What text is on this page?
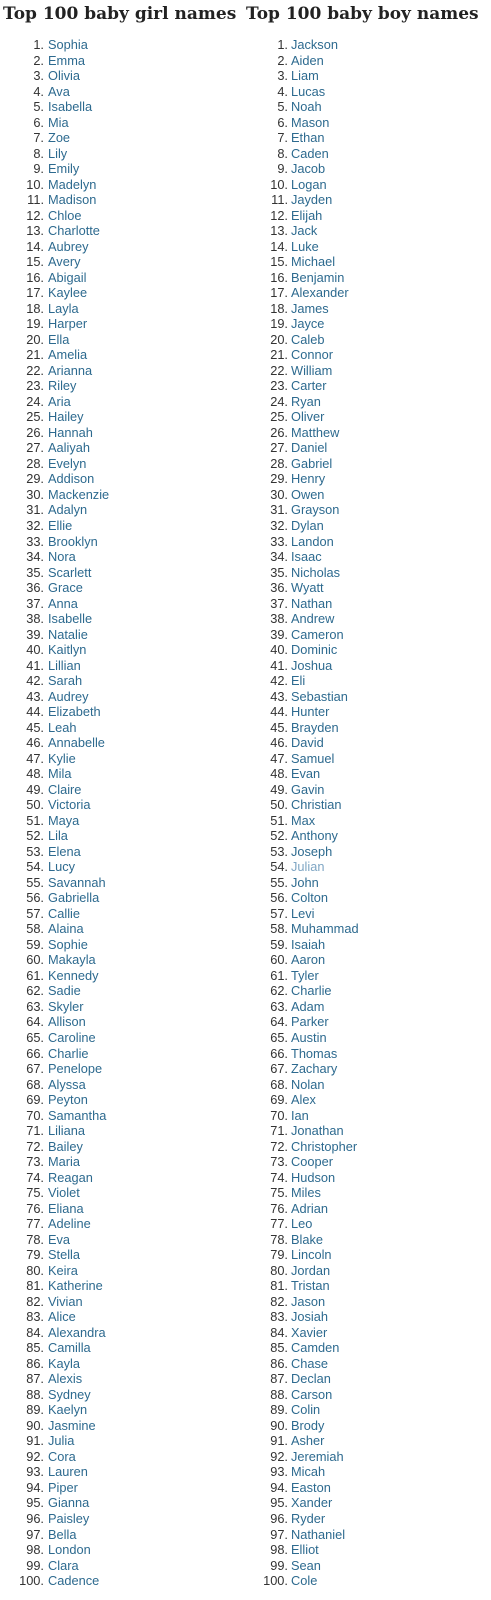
Top 100 baby girl names Top 100 baby boy names
1. Sophia
2. Emma
3. Olivia
4. Ava
5. Isabella
6. Mia
7. Zoe
8. Lily
9. Emily
10. Madelyn
11. Madison
12. Chloe
13. Charlotte
14. Aubrey
15. Avery
16. Abigail
17. Kaylee
18. Layla
19. Harper
20. Ella
21. Amelia
22. Arianna
23. Riley
24. Aria
25. Hailey
26. Hannah
27. Aaliyah
28. Evelyn
29. Addison
30. Mackenzie
31. Adalyn
32. Ellie
33. Brooklyn
34. Nora
35. Scarlett
36. Grace
37. Anna
38. Isabelle
39. Natalie
40. Kaitlyn
41. Lillian
42. Sarah
43. Audrey
44. Elizabeth
45. Leah
46. Annabelle
47. Kylie
48. Mila
49. Claire
50. Victoria
51. Maya
52. Lila
53. Elena
54. Lucy
55. Savannah
56. Gabriella
57. Callie
58. Alaina
59. Sophie
60. Makayla
61. Kennedy
62. Sadie
63. Skyler
64. Allison
65. Caroline
66. Charlie
67. Penelope
68. Alyssa
69. Peyton
70. Samantha
71. Liliana
72. Bailey
73. Maria
74. Reagan
75. Violet
76. Eliana
77. Adeline
78. Eva
79. Stella
80. Keira
81. Katherine
82. Vivian
83. Alice
84. Alexandra
85. Camilla
86. Kayla
87. Alexis
88. Sydney
89. Kaelyn
90. Jasmine
91. Julia
92. Cora
93. Lauren
94. Piper
95. Gianna
96. Paisley
97. Bella
98. London
99. Clara
100. Cadence
1. Jackson
2. Aiden
3. Liam
4. Lucas
5. Noah
6. Mason
7. Ethan
8. Caden
9. Jacob
10. Logan
11. Jayden
12. Elijah
13. Jack
14. Luke
15. Michael
16. Benjamin
17. Alexander
18. James
19. Jayce
20. Caleb
21. Connor
22. William
23. Carter
24. Ryan
25. Oliver
26. Matthew
27. Daniel
28. Gabriel
29. Henry
30. Owen
31. Grayson
32. Dylan
33. Landon
34. Isaac
35. Nicholas
36. Wyatt
37. Nathan
38. Andrew
39. Cameron
40. Dominic
41. Joshua
42. Eli
43. Sebastian
44. Hunter
45. Brayden
46. David
47. Samuel
48. Evan
49. Gavin
50. Christian
51. Max
52. Anthony
53. Joseph
54. Julian
55. John
56. Colton
57. Levi
58. Muhammad
59. Isaiah
60. Aaron
61. Tyler
62. Charlie
63. Adam
64. Parker
65. Austin
66. Thomas
67. Zachary
68. Nolan
69. Alex
70. Ian
71. Jonathan
72. Christopher
73. Cooper
74. Hudson
75. Miles
76. Adrian
77. Leo
78. Blake
79. Lincoln
80. Jordan
81. Tristan
82. Jason
83. Josiah
84. Xavier
85. Camden
86. Chase
87. Declan
88. Carson
89. Colin
90. Brody
91. Asher
92. Jeremiah
93. Micah
94. Easton
95. Xander
96. Ryder
97. Nathaniel
98. Elliot
99. Sean
100. Cole
